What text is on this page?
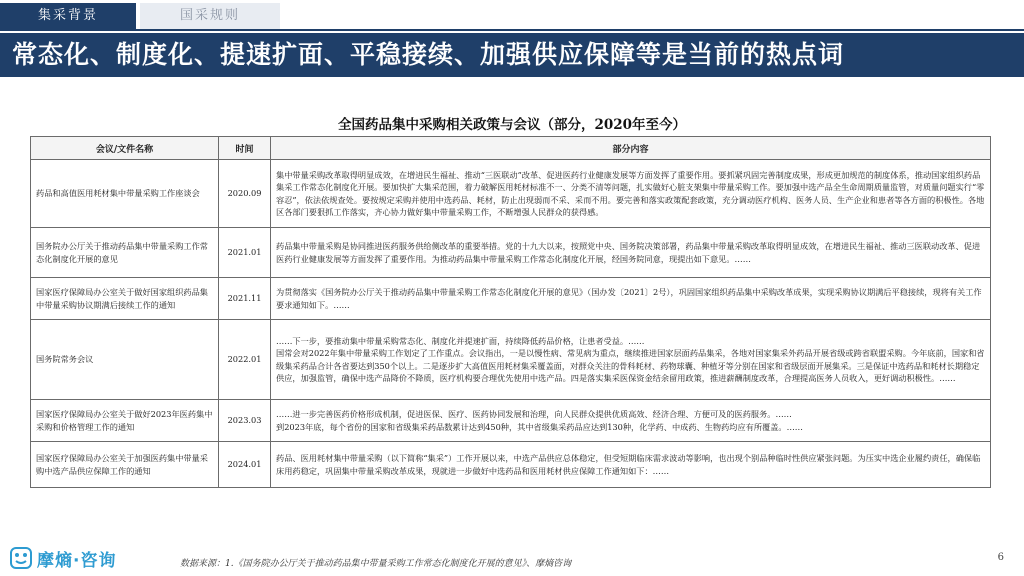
集采背景	国采规则
常态化、制度化、提速扩面、平稳接续、加强供应保障等是当前的热点词
全国药品集中采购相关政策与会议（部分，2020年至今）
会议/文件名称	时间	部分内容
药品和高值医用耗材集中带量采购工作座谈会	2020.09	集中带量采购改革取得明显成效，在增进民生福祉、推动“三医联动”改革、促进医药行业健康发展等方面发挥了重要作用。要抓紧巩固完善制度成果，形成更加规范的制度体系，推动国家组织药品集采工作常态化制度化开展。要加快扩大集采范围，着力破解医用耗材标准不一、分类不清等问题，扎实做好心脏支架集中带量采购工作。要加强中选产品全生命周期质量监管，对质量问题实行“零容忍”，依法依规查处。要按规定采购并使用中选药品、耗材，防止出现弱而不采、采而不用。要完善和落实政策配套政策，充分调动医疗机构、医务人员、生产企业和患者等各方面的积极性。各地区各部门要狠抓工作落实，齐心协力做好集中带量采购工作，不断增强人民群众的获得感。
国务院办公厅关于推动药品集中带量采购工作常态化制度化开展的意见	2021.01	药品集中带量采购是协同推进医药服务供给侧改革的重要举措。党的十九大以来，按照党中央、国务院决策部署，药品集中带量采购改革取得明显成效，在增进民生福祉、推动三医联动改革、促进医药行业健康发展等方面发挥了重要作用。为推动药品集中带量采购工作常态化制度化开展，经国务院同意，现提出如下意见。……
国家医疗保障局办公室关于做好国家组织药品集中带量采购协议期满后接续工作的通知	2021.11	为贯彻落实《国务院办公厅关于推动药品集中带量采购工作常态化制度化开展的意见》（国办发〔2021〕2号），巩固国家组织药品集中采购改革成果，实现采购协议期满后平稳接续，现将有关工作要求通知如下。……
国务院常务会议	2022.01	……下一步，要推动集中带量采购常态化、制度化并提速扩面，持续降低药品价格，让患者受益。……
国常会对2022年集中带量采购工作划定了工作重点。会议指出，一是以慢性病、常见病为重点，继续推进国家层面药品集采，各地对国家集采外药品开展省级或跨省联盟采购。今年底前，国家和省级集采药品合计各省要达到350个以上。二是逐步扩大高值医用耗材集采覆盖面，对群众关注的骨科耗材、药物球囊、种植牙等分别在国家和省级层面开展集采。三是保证中选药品和耗材长期稳定供应，加强监管，确保中选产品降价不降质，医疗机构要合理优先使用中选产品。四是落实集采医保资金结余留用政策，推进薪酬制度改革，合理提高医务人员收入，更好调动积极性。……
国家医疗保障局办公室关于做好2023年医药集中采购和价格管理工作的通知	2023.03	……进一步完善医药价格形成机制，促进医保、医疗、医药协同发展和治理，向人民群众提供优质高效、经济合理、方便可及的医药服务。……
到2023年底，每个省份的国家和省级集采药品数累计达到450种，其中省级集采药品应达到130种，化学药、中成药、生物药均应有所覆盖。……
国家医疗保障局办公室关于加强医药集中带量采购中选产品供应保障工作的通知	2024.01	药品、医用耗材集中带量采购（以下简称“集采”）工作开展以来，中选产品供应总体稳定，但受短期临床需求波动等影响，也出现个别品种临时性供应紧张问题。为压实中选企业履约责任，确保临床用药稳定，巩固集中带量采购改革成果，现就进一步做好中选药品和医用耗材供应保障工作通知如下：……
摩熵·咨询	数据来源：1.《国务院办公厅关于推动药品集中带量采购工作常态化制度化开展的意见》、摩熵咨询
6
